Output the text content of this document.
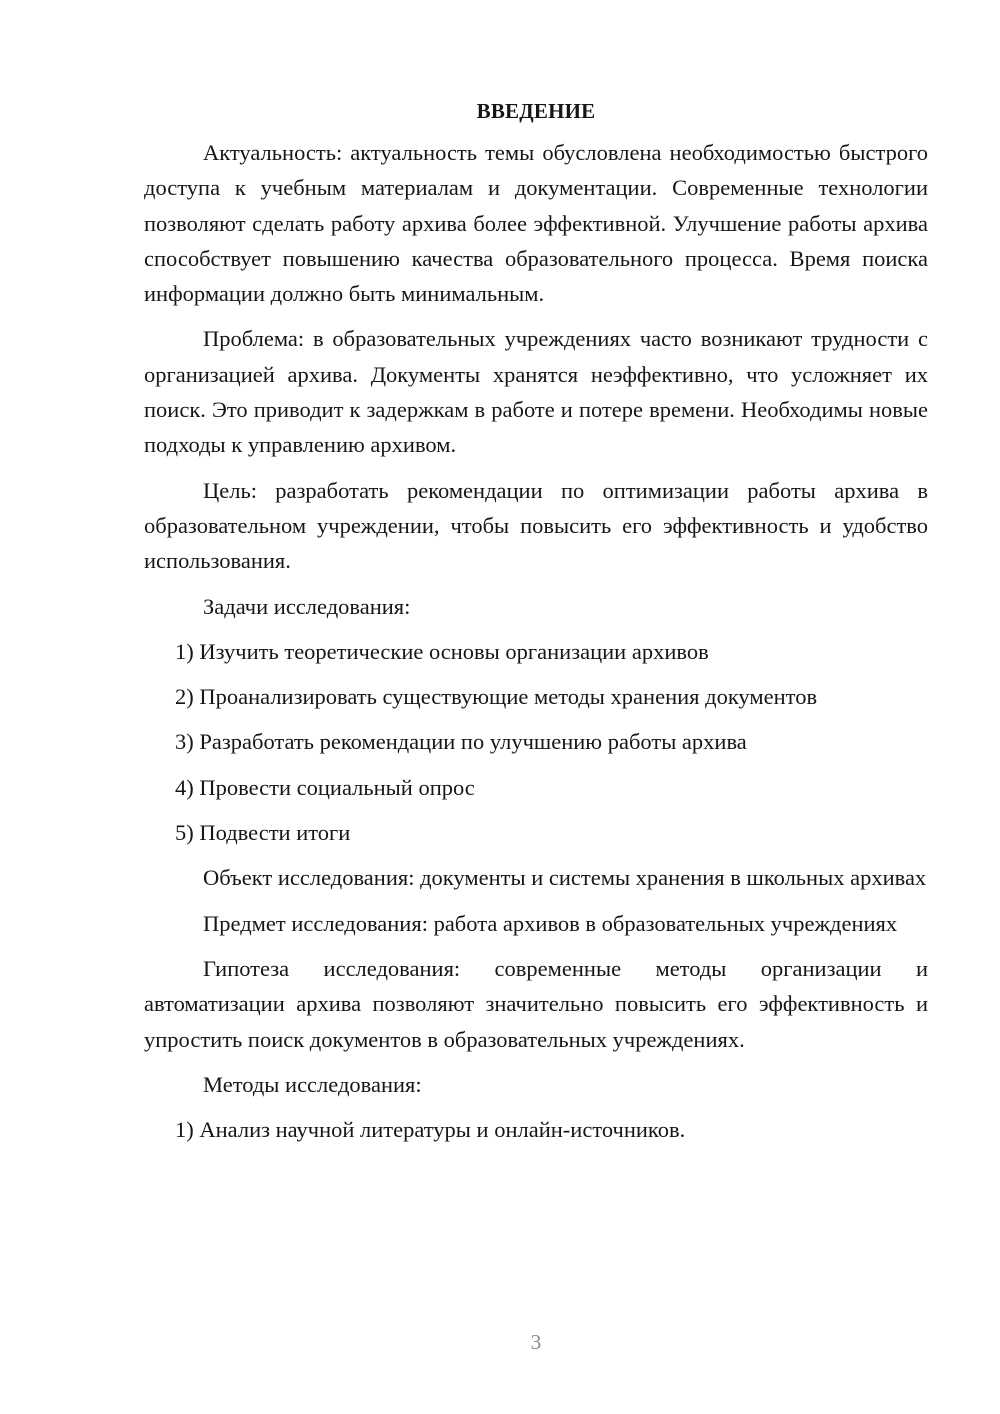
ВВЕДЕНИЕ

Актуальность: актуальность темы обусловлена необходимостью быстрого доступа к учебным материалам и документации. Современные технологии позволяют сделать работу архива более эффективной. Улучшение работы архива способствует повышению качества образовательного процесса. Время поиска информации должно быть минимальным.

Проблема: в образовательных учреждениях часто возникают трудности с организацией архива. Документы хранятся неэффективно, что усложняет их поиск. Это приводит к задержкам в работе и потере времени. Необходимы новые подходы к управлению архивом.

Цель: разработать рекомендации по оптимизации работы архива в образовательном учреждении, чтобы повысить его эффективность и удобство использования.

Задачи исследования:

1) Изучить теоретические основы организации архивов
2) Проанализировать существующие методы хранения документов
3) Разработать рекомендации по улучшению работы архива
4) Провести социальный опрос
5) Подвести итоги

Объект исследования: документы и системы хранения в школьных архивах

Предмет исследования: работа архивов в образовательных учреждениях

Гипотеза исследования: современные методы организации и автоматизации архива позволяют значительно повысить его эффективность и упростить поиск документов в образовательных учреждениях.

Методы исследования:

1) Анализ научной литературы и онлайн-источников.
3
